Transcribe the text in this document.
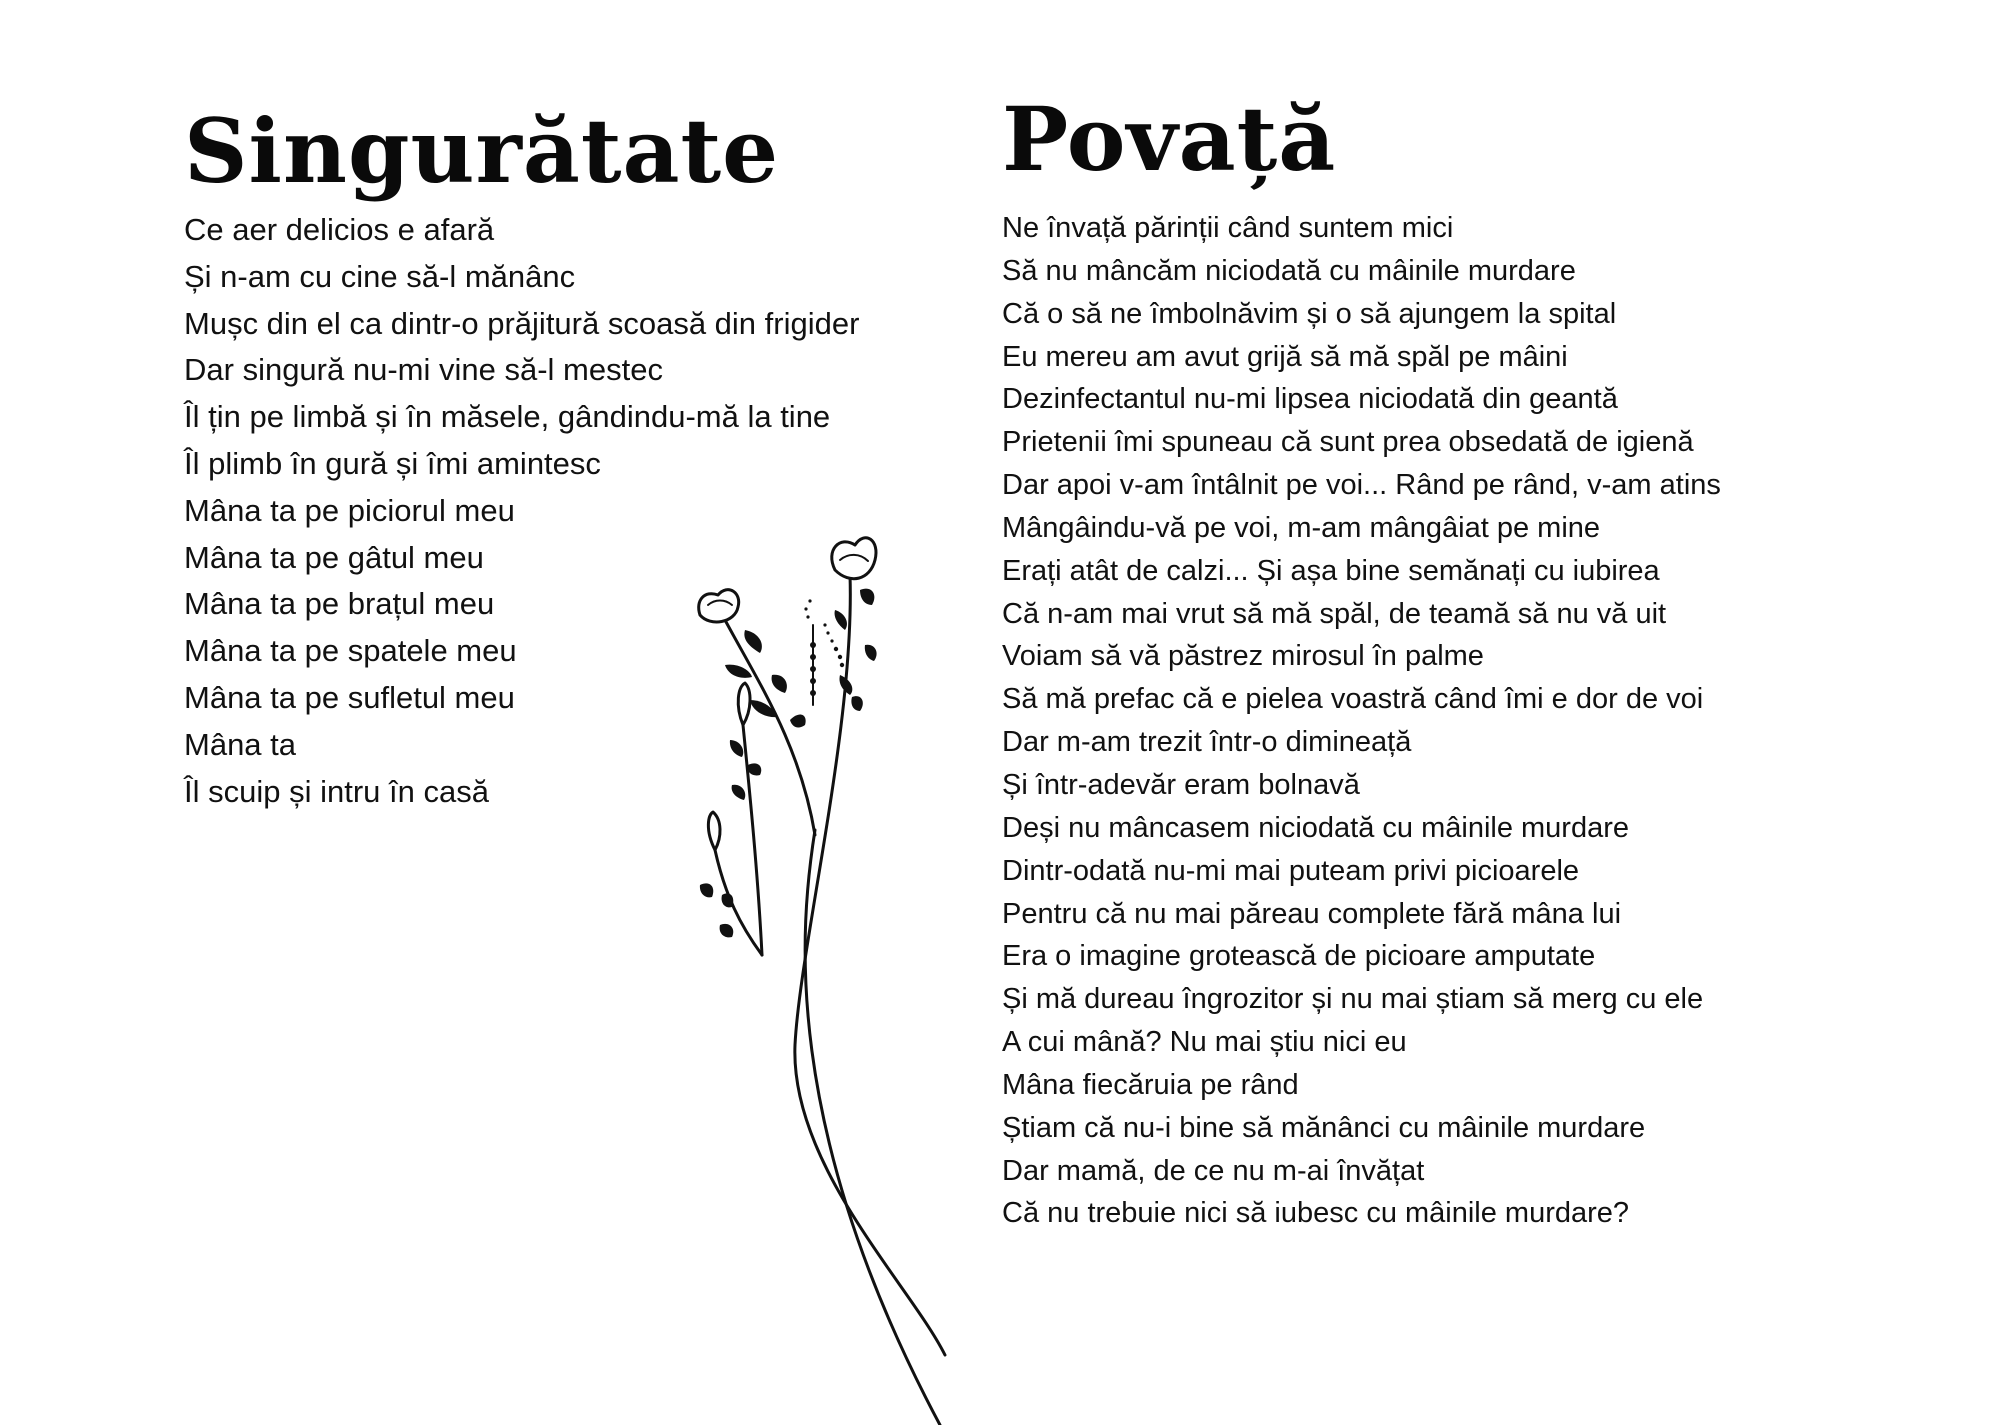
Singurătate
Ce aer delicios e afară
Și n-am cu cine să-l mănânc
Mușc din el ca dintr-o prăjitură scoasă din frigider
Dar singură nu-mi vine să-l mestec
Îl țin pe limbă și în măsele, gândindu-mă la tine
Îl plimb în gură și îmi amintesc
Mâna ta pe piciorul meu
Mâna ta pe gâtul meu
Mâna ta pe brațul meu
Mâna ta pe spatele meu
Mâna ta pe sufletul meu
Mâna ta
Îl scuip și intru în casă
Povață
Ne învață părinții când suntem mici
Să nu mâncăm niciodată cu mâinile murdare
Că o să ne îmbolnăvim și o să ajungem la spital
Eu mereu am avut grijă să mă spăl pe mâini
Dezinfectantul nu-mi lipsea niciodată din geantă
Prietenii îmi spuneau că sunt prea obsedată de igienă
Dar apoi v-am întâlnit pe voi... Rând pe rând, v-am atins
Mângâindu-vă pe voi, m-am mângâiat pe mine
Erați atât de calzi... Și așa bine semănați cu iubirea
Că n-am mai vrut să mă spăl, de teamă să nu vă uit
Voiam să vă păstrez mirosul în palme
Să mă prefac că e pielea voastră când îmi e dor de voi
Dar m-am trezit într-o dimineață
Și într-adevăr eram bolnavă
Deși nu mâncasem niciodată cu mâinile murdare
Dintr-odată nu-mi mai puteam privi picioarele
Pentru că nu mai păreau complete fără mâna lui
Era o imagine grotească de picioare amputate
Și mă dureau îngrozitor și nu mai știam să merg cu ele
A cui mână? Nu mai știu nici eu
Mâna fiecăruia pe rând
Știam că nu-i bine să mănânci cu mâinile murdare
Dar mamă, de ce nu m-ai învățat
Că nu trebuie nici să iubesc cu mâinile murdare?
